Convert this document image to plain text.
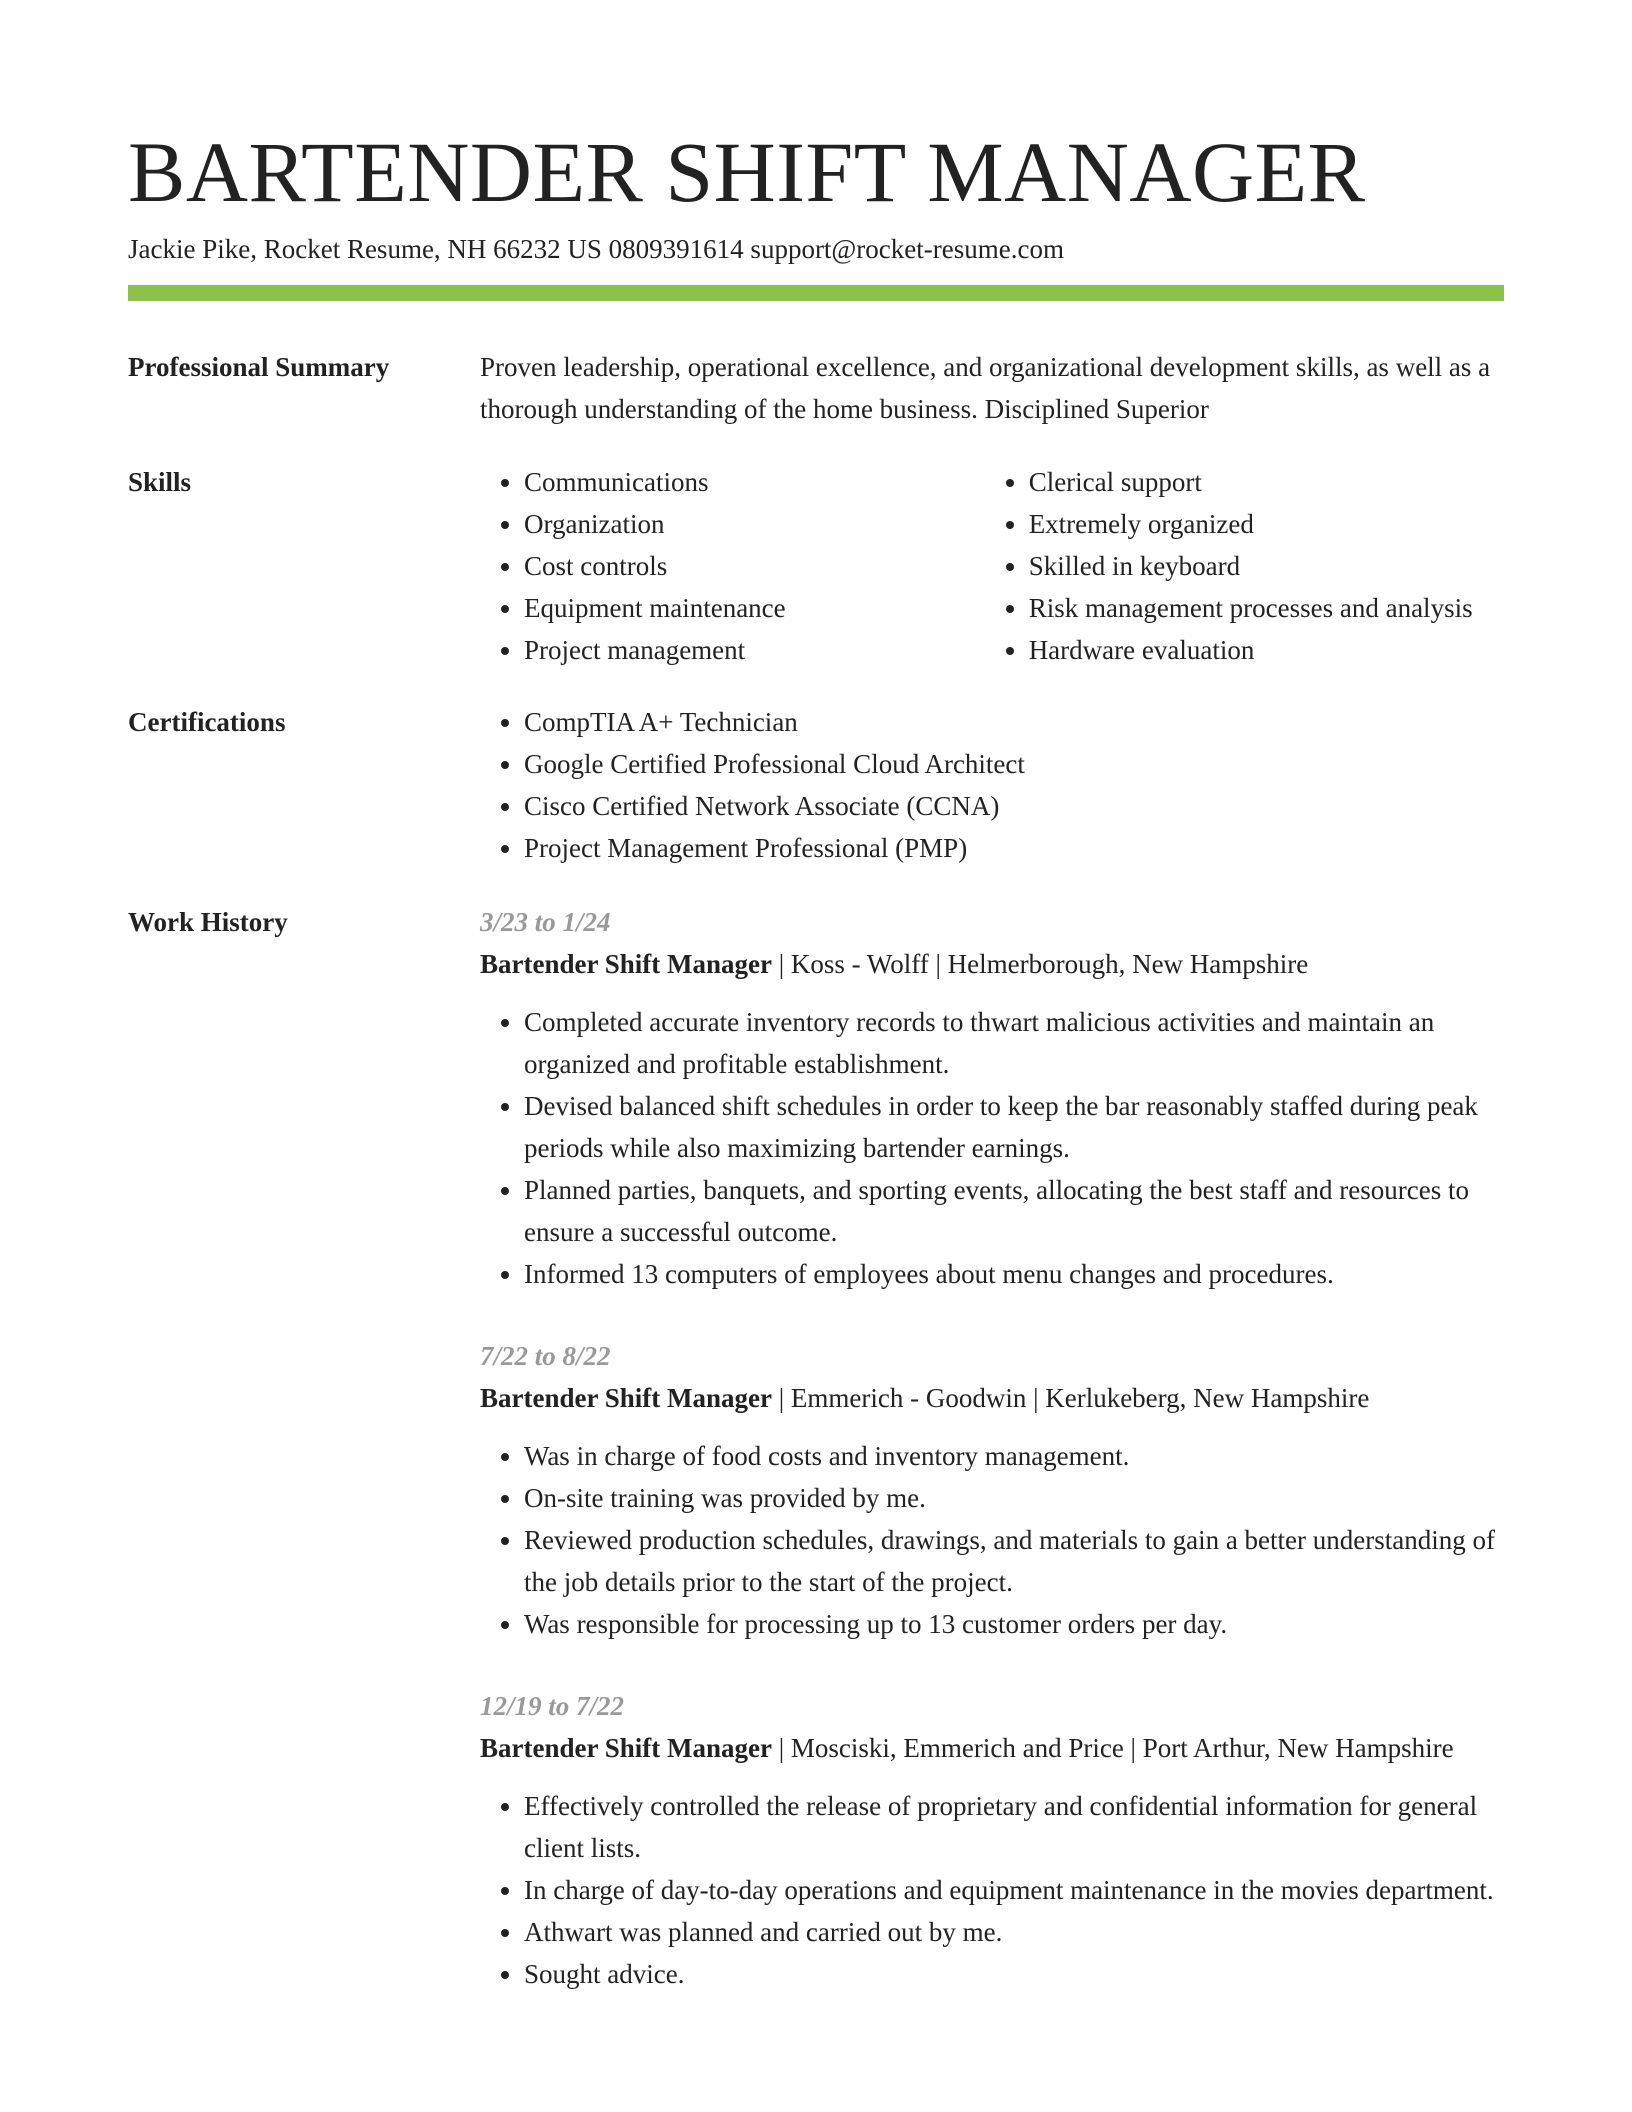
BARTENDER SHIFT MANAGER
Jackie Pike, Rocket Resume, NH 66232 US 0809391614 support@rocket-resume.com
Professional Summary	Proven leadership, operational excellence, and organizational development skills, as well as a thorough understanding of the home business. Disciplined Superior

Skills	• Communications
• Organization
• Cost controls
• Equipment maintenance
• Project management
• Clerical support
• Extremely organized
• Skilled in keyboard
• Risk management processes and analysis
• Hardware evaluation
Certifications	• CompTIA A+ Technician
• Google Certified Professional Cloud Architect
• Cisco Certified Network Associate (CCNA)
• Project Management Professional (PMP)
Work History	3/23 to 1/24
Bartender Shift Manager | Koss - Wolff | Helmerborough, New Hampshire
• Completed accurate inventory records to thwart malicious activities and maintain an organized and profitable establishment.
• Devised balanced shift schedules in order to keep the bar reasonably staffed during peak periods while also maximizing bartender earnings.
• Planned parties, banquets, and sporting events, allocating the best staff and resources to ensure a successful outcome.
• Informed 13 computers of employees about menu changes and procedures.
7/22 to 8/22
Bartender Shift Manager | Emmerich - Goodwin | Kerlukeberg, New Hampshire
• Was in charge of food costs and inventory management.
• On-site training was provided by me.
• Reviewed production schedules, drawings, and materials to gain a better understanding of the job details prior to the start of the project.
• Was responsible for processing up to 13 customer orders per day.
12/19 to 7/22
Bartender Shift Manager | Mosciski, Emmerich and Price | Port Arthur, New Hampshire
• Effectively controlled the release of proprietary and confidential information for general client lists.
• In charge of day-to-day operations and equipment maintenance in the movies department.
• Athwart was planned and carried out by me.
• Sought advice.
